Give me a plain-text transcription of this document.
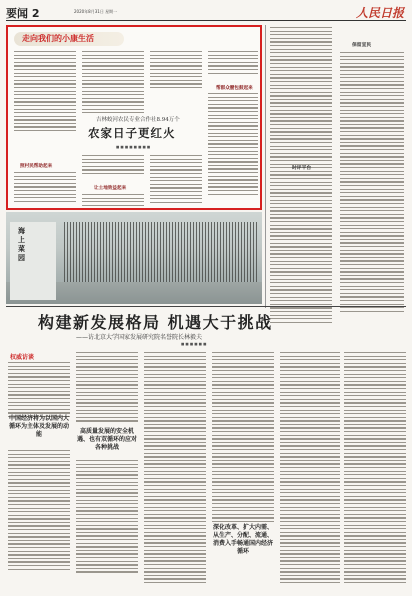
要闻 2	2020年8月31日 星期一	人民日报
走向我们的小康生活
照村民帮助起来
吉林蛟河农民专业合作社8.94万个
农家日子更红火
■ ■ ■ ■ ■ ■ ■ ■
让土地效益起来
帮群众腰包鼓起来
保留宣民
时评平台
海上菜园
构建新发展格局 机遇大于挑战
——访北京大学国家发展研究院名誉院长林毅夫
■ ■ ■ ■ ■ ■
权威访谈
中国经济将为以国内大循环为主体及发展的动能	高质量发展的安全机遇、也有双循环的应对各种挑战
深化改革、扩大内需、从生产、分配、流通、消费入手畅通国内经济循环
